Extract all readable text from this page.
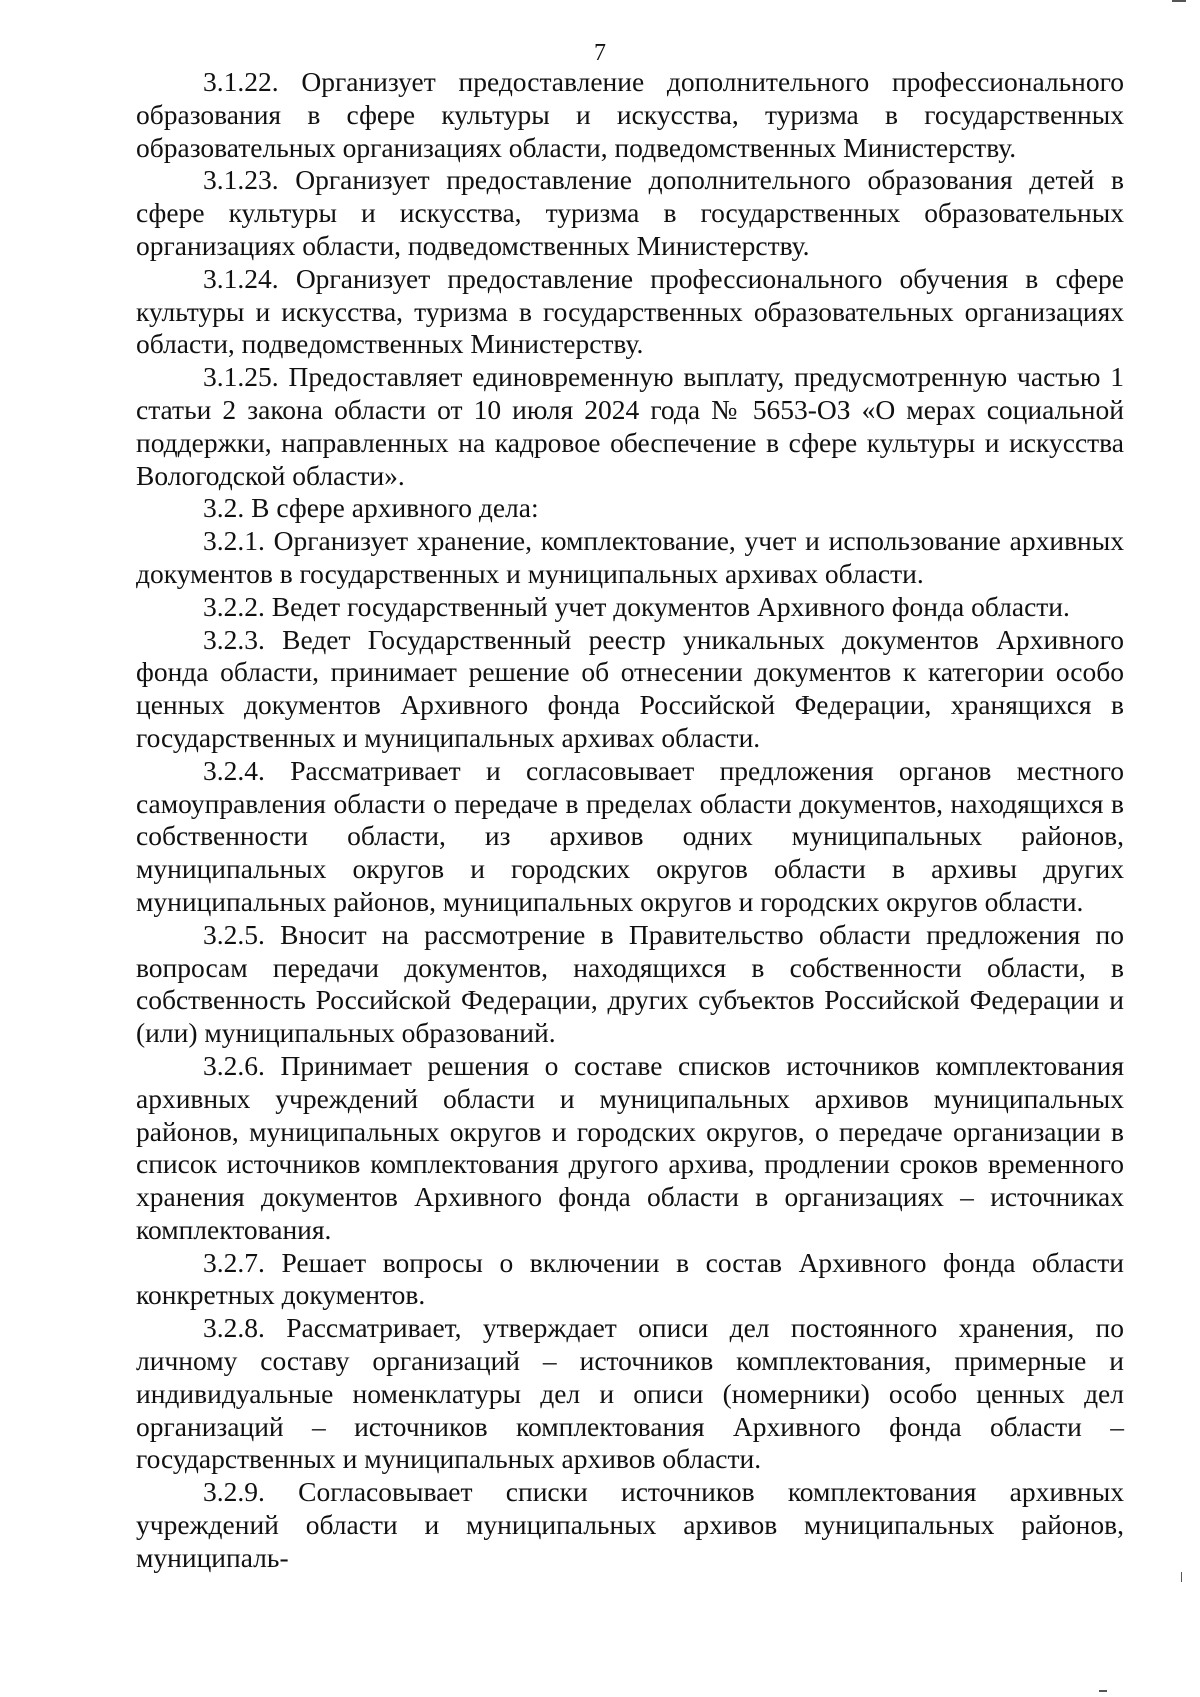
7

3.1.22. Организует предоставление дополнительного профессионального образования в сфере культуры и искусства, туризма в государственных образовательных организациях области, подведомственных Министерству.

3.1.23. Организует предоставление дополнительного образования детей в сфере культуры и искусства, туризма в государственных образовательных организациях области, подведомственных Министерству.

3.1.24. Организует предоставление профессионального обучения в сфере культуры и искусства, туризма в государственных образовательных организациях области, подведомственных Министерству.

3.1.25. Предоставляет единовременную выплату, предусмотренную частью 1 статьи 2 закона области от 10 июля 2024 года № 5653-ОЗ «О мерах социальной поддержки, направленных на кадровое обеспечение в сфере культуры и искусства Вологодской области».

3.2. В сфере архивного дела:

3.2.1. Организует хранение, комплектование, учет и использование архивных документов в государственных и муниципальных архивах области.

3.2.2. Ведет государственный учет документов Архивного фонда области.

3.2.3. Ведет Государственный реестр уникальных документов Архивного фонда области, принимает решение об отнесении документов к категории особо ценных документов Архивного фонда Российской Федерации, хранящихся в государственных и муниципальных архивах области.

3.2.4. Рассматривает и согласовывает предложения органов местного самоуправления области о передаче в пределах области документов, находящихся в собственности области, из архивов одних муниципальных районов, муниципальных округов и городских округов области в архивы других муниципальных районов, муниципальных округов и городских округов области.

3.2.5. Вносит на рассмотрение в Правительство области предложения по вопросам передачи документов, находящихся в собственности области, в собственность Российской Федерации, других субъектов Российской Федерации и (или) муниципальных образований.

3.2.6. Принимает решения о составе списков источников комплектования архивных учреждений области и муниципальных архивов муниципальных районов, муниципальных округов и городских округов, о передаче организации в список источников комплектования другого архива, продлении сроков временного хранения документов Архивного фонда области в организациях – источниках комплектования.

3.2.7. Решает вопросы о включении в состав Архивного фонда области конкретных документов.

3.2.8. Рассматривает, утверждает описи дел постоянного хранения, по личному составу организаций – источников комплектования, примерные и индивидуальные номенклатуры дел и описи (номерники) особо ценных дел организаций – источников комплектования Архивного фонда области – государственных и муниципальных архивов области.

3.2.9. Согласовывает списки источников комплектования архивных учреждений области и муниципальных архивов муниципальных районов, муниципаль-
